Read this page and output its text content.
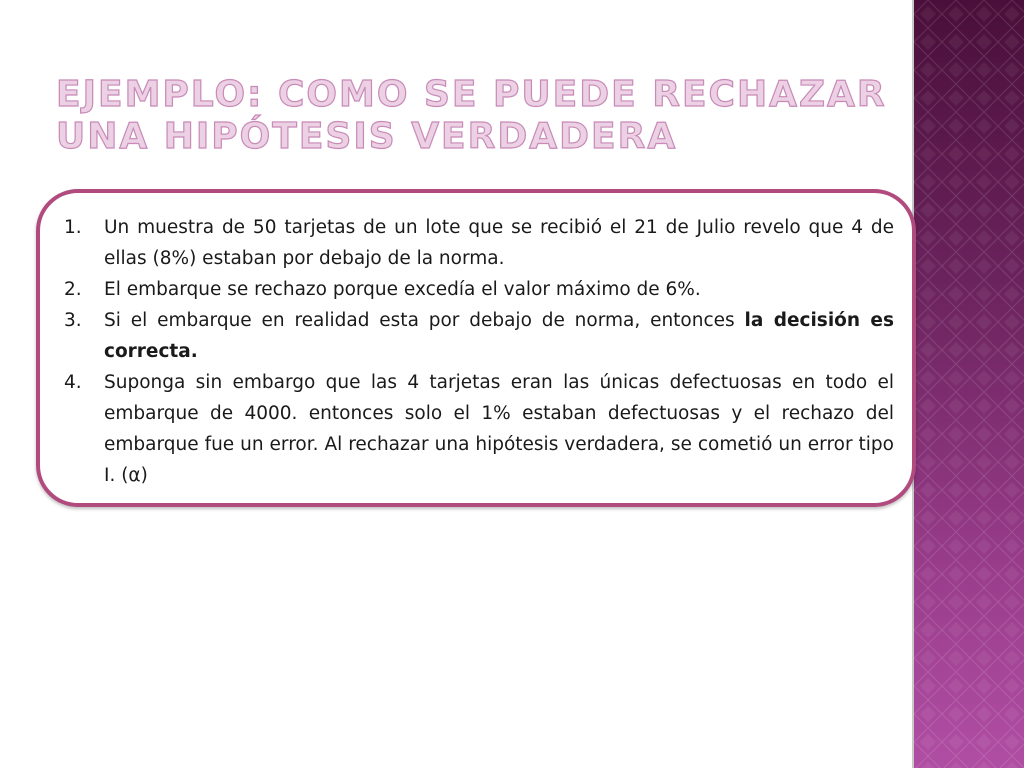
EJEMPLO: COMO SE PUEDE RECHAZAR UNA HIPÓTESIS VERDADERA
1. Un muestra de 50 tarjetas de un lote que se recibió el 21 de Julio revelo que 4 de ellas (8%) estaban por debajo de la norma.
2. El embarque se rechazo porque excedía el valor máximo de 6%.
3. Si el embarque en realidad esta por debajo de norma, entonces la decisión es correcta.
4. Suponga sin embargo que las 4 tarjetas eran las únicas defectuosas en todo el embarque de 4000. entonces solo el 1% estaban defectuosas y el rechazo del embarque fue un error. Al rechazar una hipótesis verdadera, se cometió un error tipo I. (α)
